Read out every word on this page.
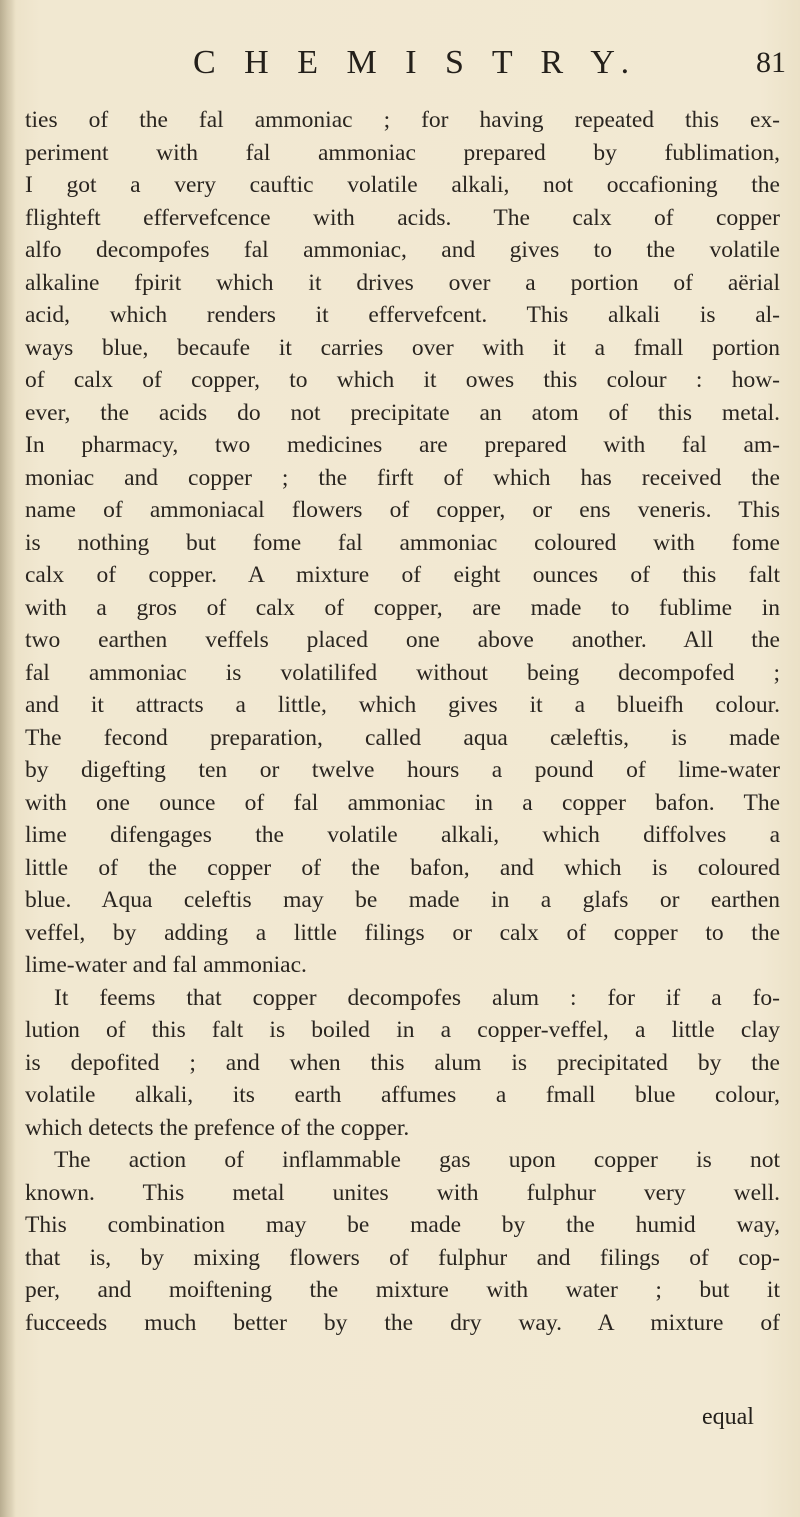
C H E M I S T R Y.	81
ties of the fal ammoniac ; for having repeated this ex-
periment with fal ammoniac prepared by fublimation,
I got a very cauftic volatile alkali, not occafioning the
flighteft effervefcence with acids. The calx of copper
alfo decompofes fal ammoniac, and gives to the volatile
alkaline fpirit which it drives over a portion of aërial
acid, which renders it effervefcent. This alkali is al-
ways blue, becaufe it carries over with it a fmall portion
of calx of copper, to which it owes this colour : how-
ever, the acids do not precipitate an atom of this metal.
In pharmacy, two medicines are prepared with fal am-
moniac and copper ; the firft of which has received the
name of ammoniacal flowers of copper, or ens veneris. This
is nothing but fome fal ammoniac coloured with fome
calx of copper. A mixture of eight ounces of this falt
with a gros of calx of copper, are made to fublime in
two earthen veffels placed one above another. All the
fal ammoniac is volatilifed without being decompofed ;
and it attracts a little, which gives it a blueifh colour.
The fecond preparation, called aqua cæleftis, is made
by digefting ten or twelve hours a pound of lime-water
with one ounce of fal ammoniac in a copper bafon. The
lime difengages the volatile alkali, which diffolves a
little of the copper of the bafon, and which is coloured
blue. Aqua celeftis may be made in a glafs or earthen
veffel, by adding a little filings or calx of copper to the
lime-water and fal ammoniac.
It feems that copper decompofes alum : for if a fo-
lution of this falt is boiled in a copper-veffel, a little clay
is depofited ; and when this alum is precipitated by the
volatile alkali, its earth affumes a fmall blue colour,
which detects the prefence of the copper.
The action of inflammable gas upon copper is not
known. This metal unites with fulphur very well.
This combination may be made by the humid way,
that is, by mixing flowers of fulphur and filings of cop-
per, and moiftening the mixture with water ; but it
fucceeds much better by the dry way. A mixture of
equal
